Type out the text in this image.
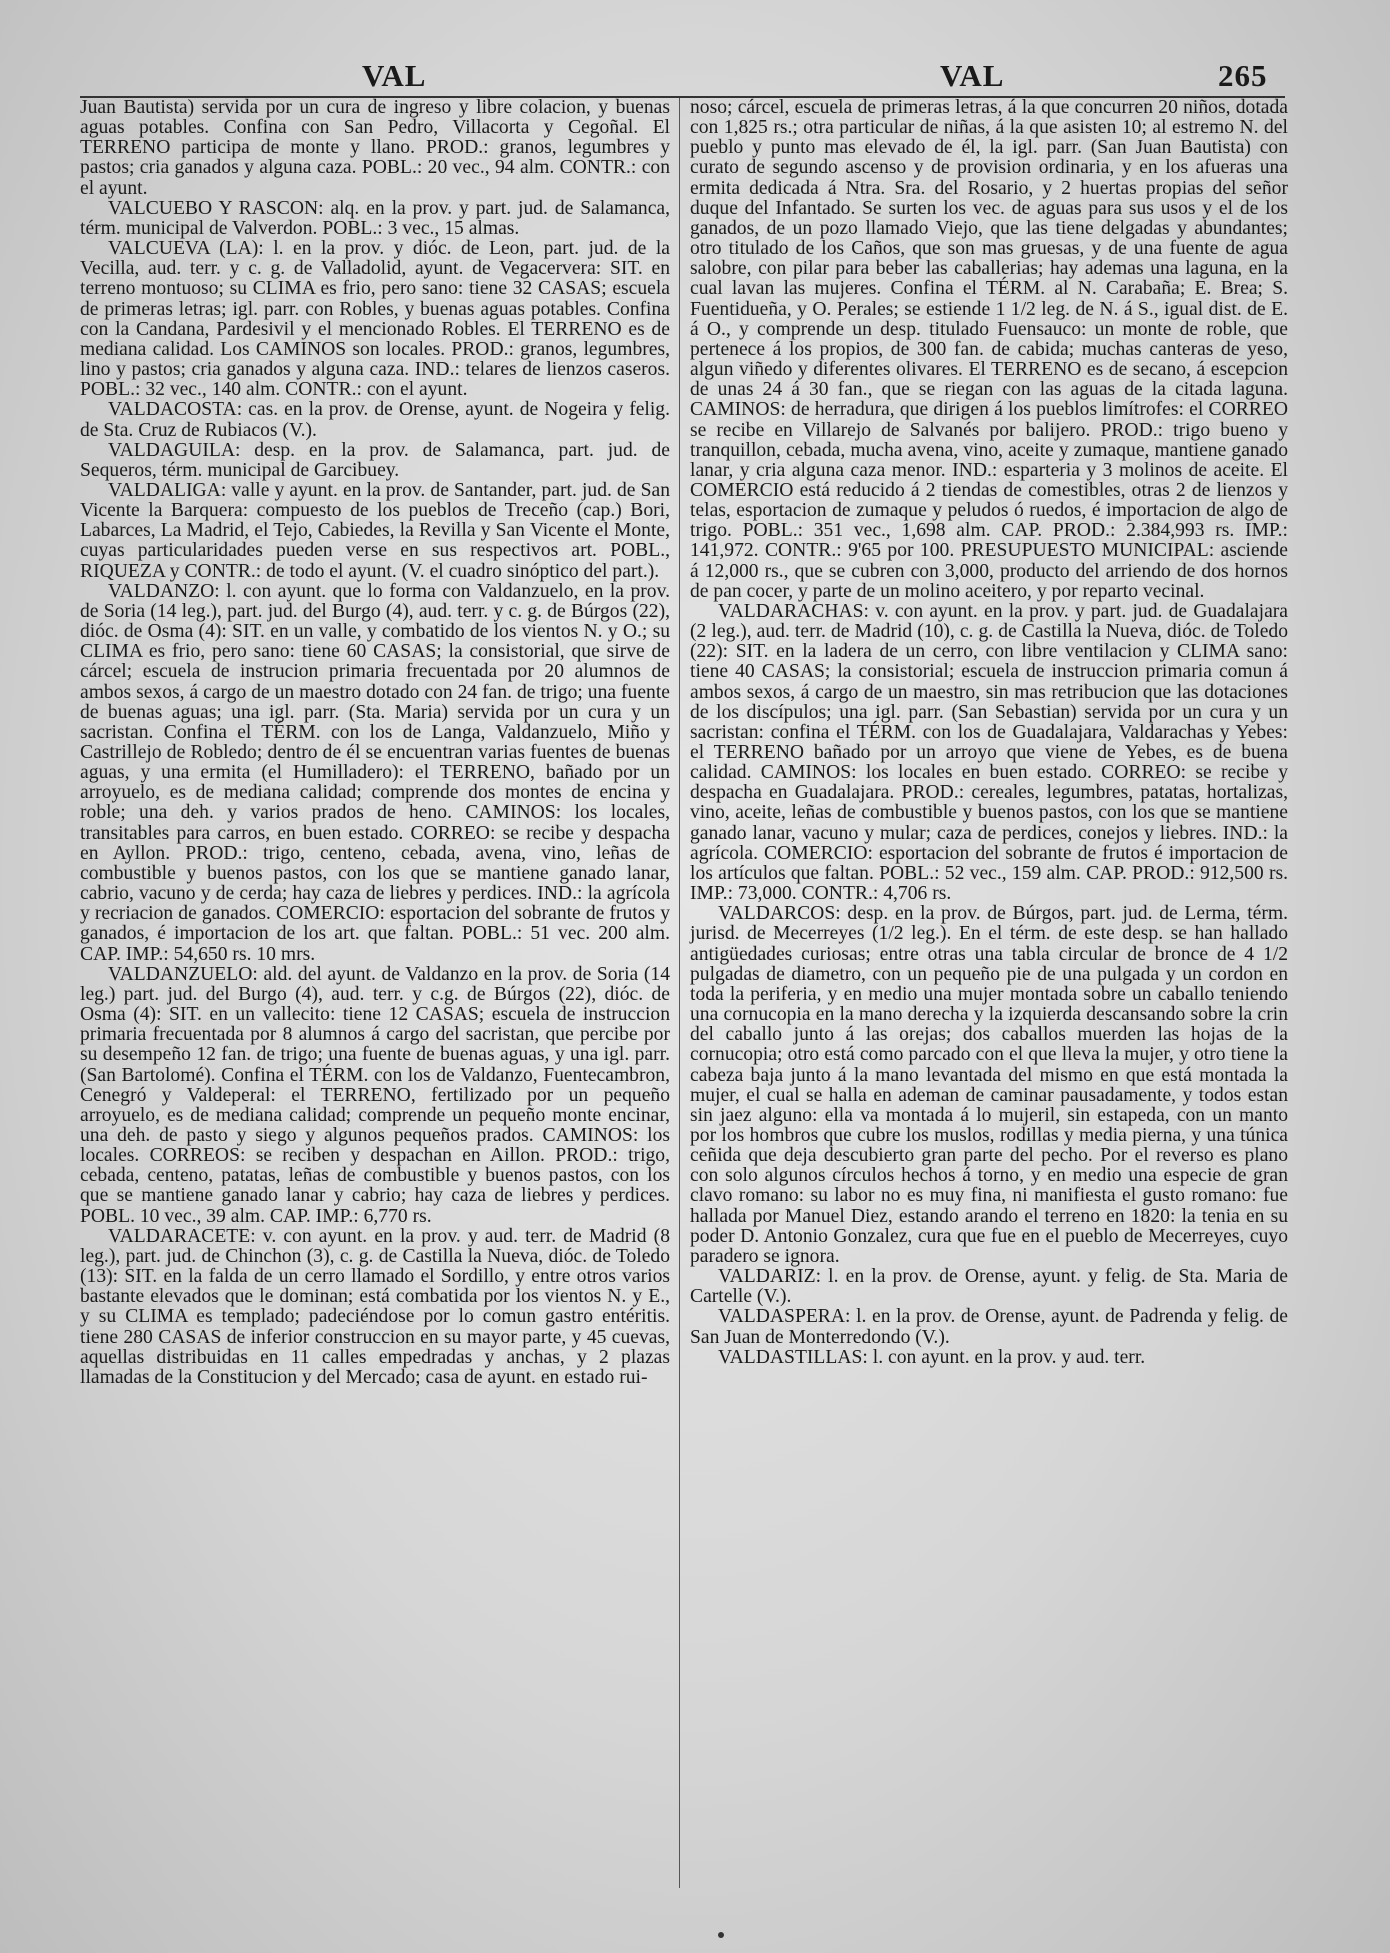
VAL	VAL	265

Juan Bautista) servida por un cura de ingreso y libre colacion, y buenas aguas potables. Confina con San Pedro, Villacorta y Cegoñal. El TERRENO participa de monte y llano. PROD.: granos, legumbres y pastos; cria ganados y alguna caza. POBL.: 20 vec., 94 alm. CONTR.: con el ayunt.

VALCUEBO Y RASCON: alq. en la prov. y part. jud. de Salamanca, térm. municipal de Valverdon. POBL.: 3 vec., 15 almas.

VALCUEVA (LA): l. en la prov. y dióc. de Leon, part. jud. de la Vecilla, aud. terr. y c. g. de Valladolid, ayunt. de Vegacervera: SIT. en terreno montuoso; su CLIMA es frio, pero sano: tiene 32 CASAS; escuela de primeras letras; igl. parr. con Robles, y buenas aguas potables. Confina con la Candana, Pardesivil y el mencionado Robles. El TERRENO es de mediana calidad. Los CAMINOS son locales. PROD.: granos, legumbres, lino y pastos; cria ganados y alguna caza. IND.: telares de lienzos caseros. POBL.: 32 vec., 140 alm. CONTR.: con el ayunt.

VALDACOSTA: cas. en la prov. de Orense, ayunt. de Nogeira y felig. de Sta. Cruz de Rubiacos (V.).

VALDAGUILA: desp. en la prov. de Salamanca, part. jud. de Sequeros, térm. municipal de Garcibuey.

VALDALIGA: valle y ayunt. en la prov. de Santander, part. jud. de San Vicente la Barquera: compuesto de los pueblos de Treceño (cap.) Bori, Labarces, La Madrid, el Tejo, Cabiedes, la Revilla y San Vicente el Monte, cuyas particularidades pueden verse en sus respectivos art. POBL., RIQUEZA y CONTR.: de todo el ayunt. (V. el cuadro sinóptico del part.).

VALDANZO: l. con ayunt. que lo forma con Valdanzuelo, en la prov. de Soria (14 leg.), part. jud. del Burgo (4), aud. terr. y c. g. de Búrgos (22), dióc. de Osma (4): SIT. en un valle, y combatido de los vientos N. y O.; su CLIMA es frio, pero sano: tiene 60 CASAS; la consistorial, que sirve de cárcel; escuela de instrucion primaria frecuentada por 20 alumnos de ambos sexos, á cargo de un maestro dotado con 24 fan. de trigo; una fuente de buenas aguas; una igl. parr. (Sta. Maria) servida por un cura y un sacristan. Confina el TÉRM. con los de Langa, Valdanzuelo, Miño y Castrillejo de Robledo; dentro de él se encuentran varias fuentes de buenas aguas, y una ermita (el Humilladero): el TERRENO, bañado por un arroyuelo, es de mediana calidad; comprende dos montes de encina y roble; una deh. y varios prados de heno. CAMINOS: los locales, transitables para carros, en buen estado. CORREO: se recibe y despacha en Ayllon. PROD.: trigo, centeno, cebada, avena, vino, leñas de combustible y buenos pastos, con los que se mantiene ganado lanar, cabrio, vacuno y de cerda; hay caza de liebres y perdices. IND.: la agrícola y recriacion de ganados. COMERCIO: esportacion del sobrante de frutos y ganados, é importacion de los art. que faltan. POBL.: 51 vec. 200 alm. CAP. IMP.: 54,650 rs. 10 mrs.

VALDANZUELO: ald. del ayunt. de Valdanzo en la prov. de Soria (14 leg.) part. jud. del Burgo (4), aud. terr. y c.g. de Búrgos (22), dióc. de Osma (4): SIT. en un vallecito: tiene 12 CASAS; escuela de instruccion primaria frecuentada por 8 alumnos á cargo del sacristan, que percibe por su desempeño 12 fan. de trigo; una fuente de buenas aguas, y una igl. parr. (San Bartolomé). Confina el TÉRM. con los de Valdanzo, Fuentecambron, Cenegró y Valdeperal: el TERRENO, fertilizado por un pequeño arroyuelo, es de mediana calidad; comprende un pequeño monte encinar, una deh. de pasto y siego y algunos pequeños prados. CAMINOS: los locales. CORREOS: se reciben y despachan en Aillon. PROD.: trigo, cebada, centeno, patatas, leñas de combustible y buenos pastos, con los que se mantiene ganado lanar y cabrio; hay caza de liebres y perdices. POBL. 10 vec., 39 alm. CAP. IMP.: 6,770 rs.

VALDARACETE: v. con ayunt. en la prov. y aud. terr. de Madrid (8 leg.), part. jud. de Chinchon (3), c. g. de Castilla la Nueva, dióc. de Toledo (13): SIT. en la falda de un cerro llamado el Sordillo, y entre otros varios bastante elevados que le dominan; está combatida por los vientos N. y E., y su CLIMA es templado; padeciéndose por lo comun gastro entéritis. tiene 280 CASAS de inferior construccion en su mayor parte, y 45 cuevas, aquellas distribuidas en 11 calles empedradas y anchas, y 2 plazas llamadas de la Constitucion y del Mercado; casa de ayunt. en estado rui-

noso; cárcel, escuela de primeras letras, á la que concurren 20 niños, dotada con 1,825 rs.; otra particular de niñas, á la que asisten 10; al estremo N. del pueblo y punto mas elevado de él, la igl. parr. (San Juan Bautista) con curato de segundo ascenso y de provision ordinaria, y en los afueras una ermita dedicada á Ntra. Sra. del Rosario, y 2 huertas propias del señor duque del Infantado. Se surten los vec. de aguas para sus usos y el de los ganados, de un pozo llamado Viejo, que las tiene delgadas y abundantes; otro titulado de los Caños, que son mas gruesas, y de una fuente de agua salobre, con pilar para beber las caballerias; hay ademas una laguna, en la cual lavan las mujeres. Confina el TÉRM. al N. Carabaña; E. Brea; S. Fuentidueña, y O. Perales; se estiende 1 1/2 leg. de N. á S., igual dist. de E. á O., y comprende un desp. titulado Fuensauco: un monte de roble, que pertenece á los propios, de 300 fan. de cabida; muchas canteras de yeso, algun viñedo y diferentes olivares. El TERRENO es de secano, á escepcion de unas 24 á 30 fan., que se riegan con las aguas de la citada laguna. CAMINOS: de herradura, que dirigen á los pueblos limítrofes: el CORREO se recibe en Villarejo de Salvanés por balijero. PROD.: trigo bueno y tranquillon, cebada, mucha avena, vino, aceite y zumaque, mantiene ganado lanar, y cria alguna caza menor. IND.: esparteria y 3 molinos de aceite. El COMERCIO está reducido á 2 tiendas de comestibles, otras 2 de lienzos y telas, esportacion de zumaque y peludos ó ruedos, é importacion de algo de trigo. POBL.: 351 vec., 1,698 alm. CAP. PROD.: 2.384,993 rs. IMP.: 141,972. CONTR.: 9'65 por 100. PRESUPUESTO MUNICIPAL: asciende á 12,000 rs., que se cubren con 3,000, producto del arriendo de dos hornos de pan cocer, y parte de un molino aceitero, y por reparto vecinal.

VALDARACHAS: v. con ayunt. en la prov. y part. jud. de Guadalajara (2 leg.), aud. terr. de Madrid (10), c. g. de Castilla la Nueva, dióc. de Toledo (22): SIT. en la ladera de un cerro, con libre ventilacion y CLIMA sano: tiene 40 CASAS; la consistorial; escuela de instruccion primaria comun á ambos sexos, á cargo de un maestro, sin mas retribucion que las dotaciones de los discípulos; una igl. parr. (San Sebastian) servida por un cura y un sacristan: confina el TÉRM. con los de Guadalajara, Valdarachas y Yebes: el TERRENO bañado por un arroyo que viene de Yebes, es de buena calidad. CAMINOS: los locales en buen estado. CORREO: se recibe y despacha en Guadalajara. PROD.: cereales, legumbres, patatas, hortalizas, vino, aceite, leñas de combustible y buenos pastos, con los que se mantiene ganado lanar, vacuno y mular; caza de perdices, conejos y liebres. IND.: la agrícola. COMERCIO: esportacion del sobrante de frutos é importacion de los artículos que faltan. POBL.: 52 vec., 159 alm. CAP. PROD.: 912,500 rs. IMP.: 73,000. CONTR.: 4,706 rs.

VALDARCOS: desp. en la prov. de Búrgos, part. jud. de Lerma, térm. jurisd. de Mecerreyes (1/2 leg.). En el térm. de este desp. se han hallado antigüedades curiosas; entre otras una tabla circular de bronce de 4 1/2 pulgadas de diametro, con un pequeño pie de una pulgada y un cordon en toda la periferia, y en medio una mujer montada sobre un caballo teniendo una cornucopia en la mano derecha y la izquierda descansando sobre la crin del caballo junto á las orejas; dos caballos muerden las hojas de la cornucopia; otro está como parcado con el que lleva la mujer, y otro tiene la cabeza baja junto á la mano levantada del mismo en que está montada la mujer, el cual se halla en ademan de caminar pausadamente, y todos estan sin jaez alguno: ella va montada á lo mujeril, sin estapeda, con un manto por los hombros que cubre los muslos, rodillas y media pierna, y una túnica ceñida que deja descubierto gran parte del pecho. Por el reverso es plano con solo algunos círculos hechos á torno, y en medio una especie de gran clavo romano: su labor no es muy fina, ni manifiesta el gusto romano: fue hallada por Manuel Diez, estando arando el terreno en 1820: la tenia en su poder D. Antonio Gonzalez, cura que fue en el pueblo de Mecerreyes, cuyo paradero se ignora.

VALDARIZ: l. en la prov. de Orense, ayunt. y felig. de Sta. Maria de Cartelle (V.).

VALDASPERA: l. en la prov. de Orense, ayunt. de Padrenda y felig. de San Juan de Monterredondo (V.).

VALDASTILLAS: l. con ayunt. en la prov. y aud. terr.
